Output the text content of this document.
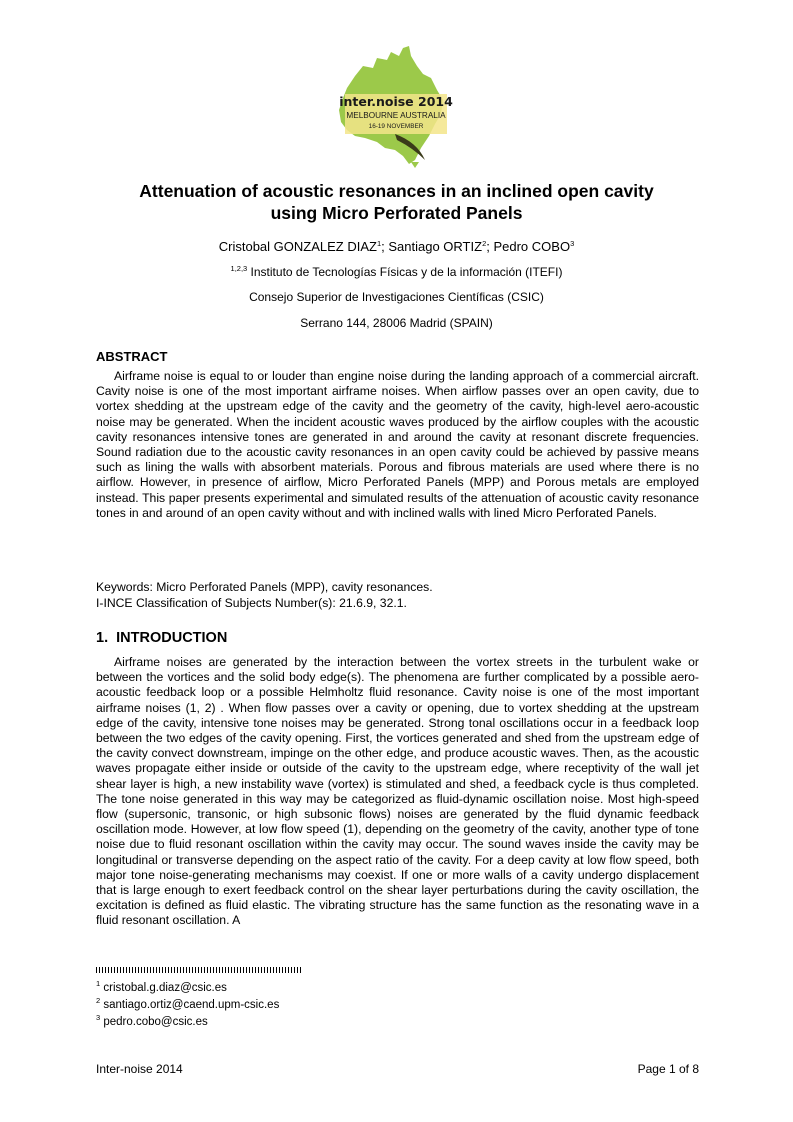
inter.noise 2014
MELBOURNE AUSTRALIA
16-19 NOVEMBER
Attenuation of acoustic resonances in an inclined open cavity
using Micro Perforated Panels
Cristobal GONZALEZ DIAZ$^1$; Santiago ORTIZ$^2$; Pedro COBO$^3$
$^{1,2,3}$ Instituto de Tecnologías Físicas y de la información (ITEFI)
Consejo Superior de Investigaciones Científicas (CSIC)
Serrano 144, 28006 Madrid (SPAIN)
ABSTRACT

Airframe noise is equal to or louder than engine noise during the landing approach of a commercial aircraft. Cavity noise is one of the most important airframe noises. When airflow passes over an open cavity, due to vortex shedding at the upstream edge of the cavity and the geometry of the cavity, high-level aero-acoustic noise may be generated. When the incident acoustic waves produced by the airflow couples with the acoustic cavity resonances intensive tones are generated in and around the cavity at resonant discrete frequencies. Sound radiation due to the acoustic cavity resonances in an open cavity could be achieved by passive means such as lining the walls with absorbent materials. Porous and fibrous materials are used where there is no airflow. However, in presence of airflow, Micro Perforated Panels (MPP) and Porous metals are employed instead. This paper presents experimental and simulated results of the attenuation of acoustic cavity resonance tones in and around of an open cavity without and with inclined walls with lined Micro Perforated Panels.

Keywords: Micro Perforated Panels (MPP), cavity resonances.
I-INCE Classification of Subjects Number(s): 21.6.9, 32.1.
1.  INTRODUCTION

Airframe noises are generated by the interaction between the vortex streets in the turbulent wake or between the vortices and the solid body edge(s). The phenomena are further complicated by a possible aero-acoustic feedback loop or a possible Helmholtz fluid resonance. Cavity noise is one of the most important airframe noises (1, 2) . When flow passes over a cavity or opening, due to vortex shedding at the upstream edge of the cavity, intensive tone noises may be generated. Strong tonal oscillations occur in a feedback loop between the two edges of the cavity opening. First, the vortices generated and shed from the upstream edge of the cavity convect downstream, impinge on the other edge, and produce acoustic waves. Then, as the acoustic waves propagate either inside or outside of the cavity to the upstream edge, where receptivity of the wall jet shear layer is high, a new instability wave (vortex) is stimulated and shed, a feedback cycle is thus completed. The tone noise generated in this way may be categorized as fluid-dynamic oscillation noise. Most high-speed flow (supersonic, transonic, or high subsonic flows) noises are generated by the fluid dynamic feedback oscillation mode. However, at low flow speed (1), depending on the geometry of the cavity, another type of tone noise due to fluid resonant oscillation within the cavity may occur. The sound waves inside the cavity may be longitudinal or transverse depending on the aspect ratio of the cavity. For a deep cavity at low flow speed, both major tone noise-generating mechanisms may coexist. If one or more walls of a cavity undergo displacement that is large enough to exert feedback control on the shear layer perturbations during the cavity oscillation, the excitation is defined as fluid elastic. The vibrating structure has the same function as the resonating wave in a fluid resonant oscillation. A

$^1$ cristobal.g.diaz@csic.es
$^2$ santiago.ortiz@caend.upm-csic.es
$^3$ pedro.cobo@csic.es
Inter-noise 2014	Page 1 of 8
